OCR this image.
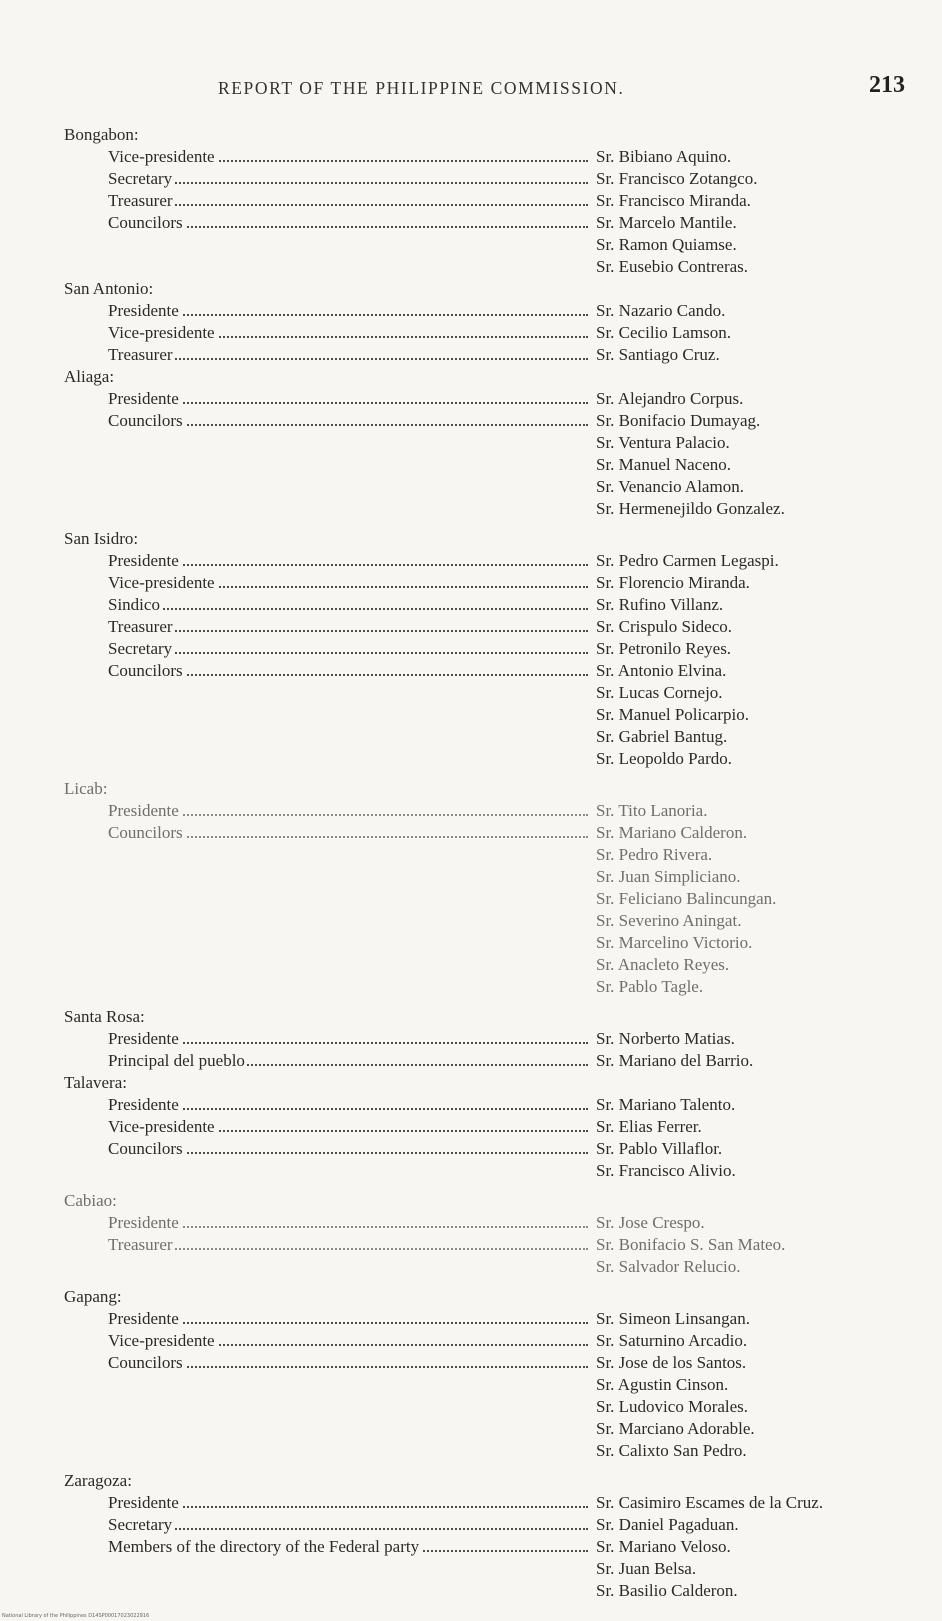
REPORT OF THE PHILIPPINE COMMISSION.	213
Bongabon:
Vice-presidente	Sr. Bibiano Aquino.
Secretary	Sr. Francisco Zotangco.
Treasurer	Sr. Francisco Miranda.
Councilors	Sr. Marcelo Mantile.
Sr. Ramon Quiamse.
Sr. Eusebio Contreras.
San Antonio:
Presidente	Sr. Nazario Cando.
Vice-presidente	Sr. Cecilio Lamson.
Treasurer	Sr. Santiago Cruz.
Aliaga:
Presidente	Sr. Alejandro Corpus.
Councilors	Sr. Bonifacio Dumayag.
Sr. Ventura Palacio.
Sr. Manuel Naceno.
Sr. Venancio Alamon.
Sr. Hermenejildo Gonzalez.
San Isidro:
Presidente	Sr. Pedro Carmen Legaspi.
Vice-presidente	Sr. Florencio Miranda.
Sindico	Sr. Rufino Villanz.
Treasurer	Sr. Crispulo Sideco.
Secretary	Sr. Petronilo Reyes.
Councilors	Sr. Antonio Elvina.
Sr. Lucas Cornejo.
Sr. Manuel Policarpio.
Sr. Gabriel Bantug.
Sr. Leopoldo Pardo.
Licab:
Presidente	Sr. Tito Lanoria.
Councilors	Sr. Mariano Calderon.
Sr. Pedro Rivera.
Sr. Juan Simpliciano.
Sr. Feliciano Balincungan.
Sr. Severino Aningat.
Sr. Marcelino Victorio.
Sr. Anacleto Reyes.
Sr. Pablo Tagle.
Santa Rosa:
Presidente	Sr. Norberto Matias.
Principal del pueblo	Sr. Mariano del Barrio.
Talavera:
Presidente	Sr. Mariano Talento.
Vice-presidente	Sr. Elias Ferrer.
Councilors	Sr. Pablo Villaflor.
Sr. Francisco Alivio.
Cabiao:
Presidente	Sr. Jose Crespo.
Treasurer	Sr. Bonifacio S. San Mateo.
Sr. Salvador Relucio.
Gapang:
Presidente	Sr. Simeon Linsangan.
Vice-presidente	Sr. Saturnino Arcadio.
Councilors	Sr. Jose de los Santos.
Sr. Agustin Cinson.
Sr. Ludovico Morales.
Sr. Marciano Adorable.
Sr. Calixto San Pedro.
Zaragoza:
Presidente	Sr. Casimiro Escames de la Cruz.
Secretary	Sr. Daniel Pagaduan.
Members of the directory of the Federal party	Sr. Mariano Veloso.
Sr. Juan Belsa.
Sr. Basilio Calderon.
National Library of the Philippines D14SP00017023022916
